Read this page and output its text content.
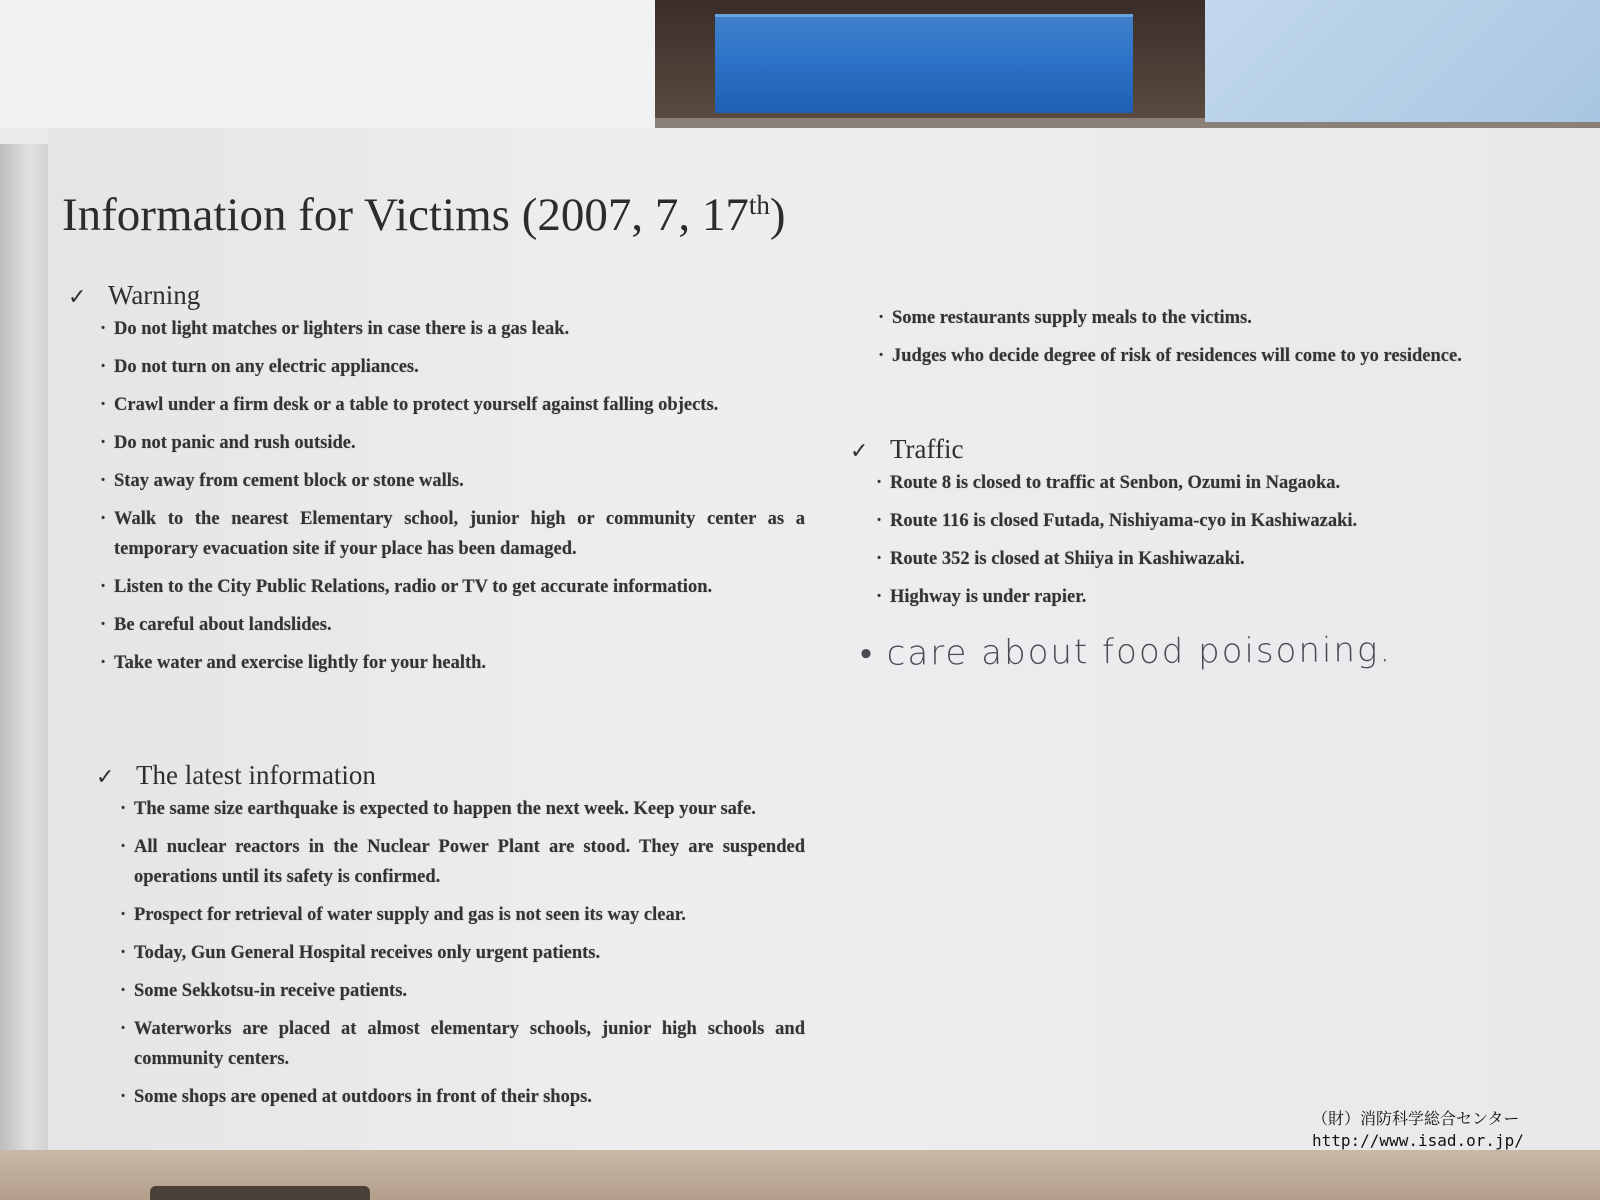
Information for Victims (2007, 7, 17th)
✓ Warning
· Do not light matches or lighters in case there is a gas leak.
· Do not turn on any electric appliances.
· Crawl under a firm desk or a table to protect yourself against falling objects.
· Do not panic and rush outside.
· Stay away from cement block or stone walls.
· Walk to the nearest Elementary school, junior high or community center as a temporary evacuation site if your place has been damaged.
· Listen to the City Public Relations, radio or TV to get accurate information.
· Be careful about landslides.
· Take water and exercise lightly for your health.
✓ The latest information
· The same size earthquake is expected to happen the next week. Keep your safe.
· All nuclear reactors in the Nuclear Power Plant are stood. They are suspended operations until its safety is confirmed.
· Prospect for retrieval of water supply and gas is not seen its way clear.
· Today, Gun General Hospital receives only urgent patients.
· Some Sekkotsu-in receive patients.
· Waterworks are placed at almost elementary schools, junior high schools and community centers.
· Some shops are opened at outdoors in front of their shops.
· Some restaurants supply meals to the victims.
· Judges who decide degree of risk of residences will come to yo residence.
✓ Traffic
· Route 8 is closed to traffic at Senbon, Ozumi in Nagaoka.
· Route 116 is closed Futada, Nishiyama-cyo in Kashiwazaki.
· Route 352 is closed at Shiiya in Kashiwazaki.
· Highway is under rapier.
• care about food poisoning.
（財）消防科学総合センター
http://www.isad.or.jp/
